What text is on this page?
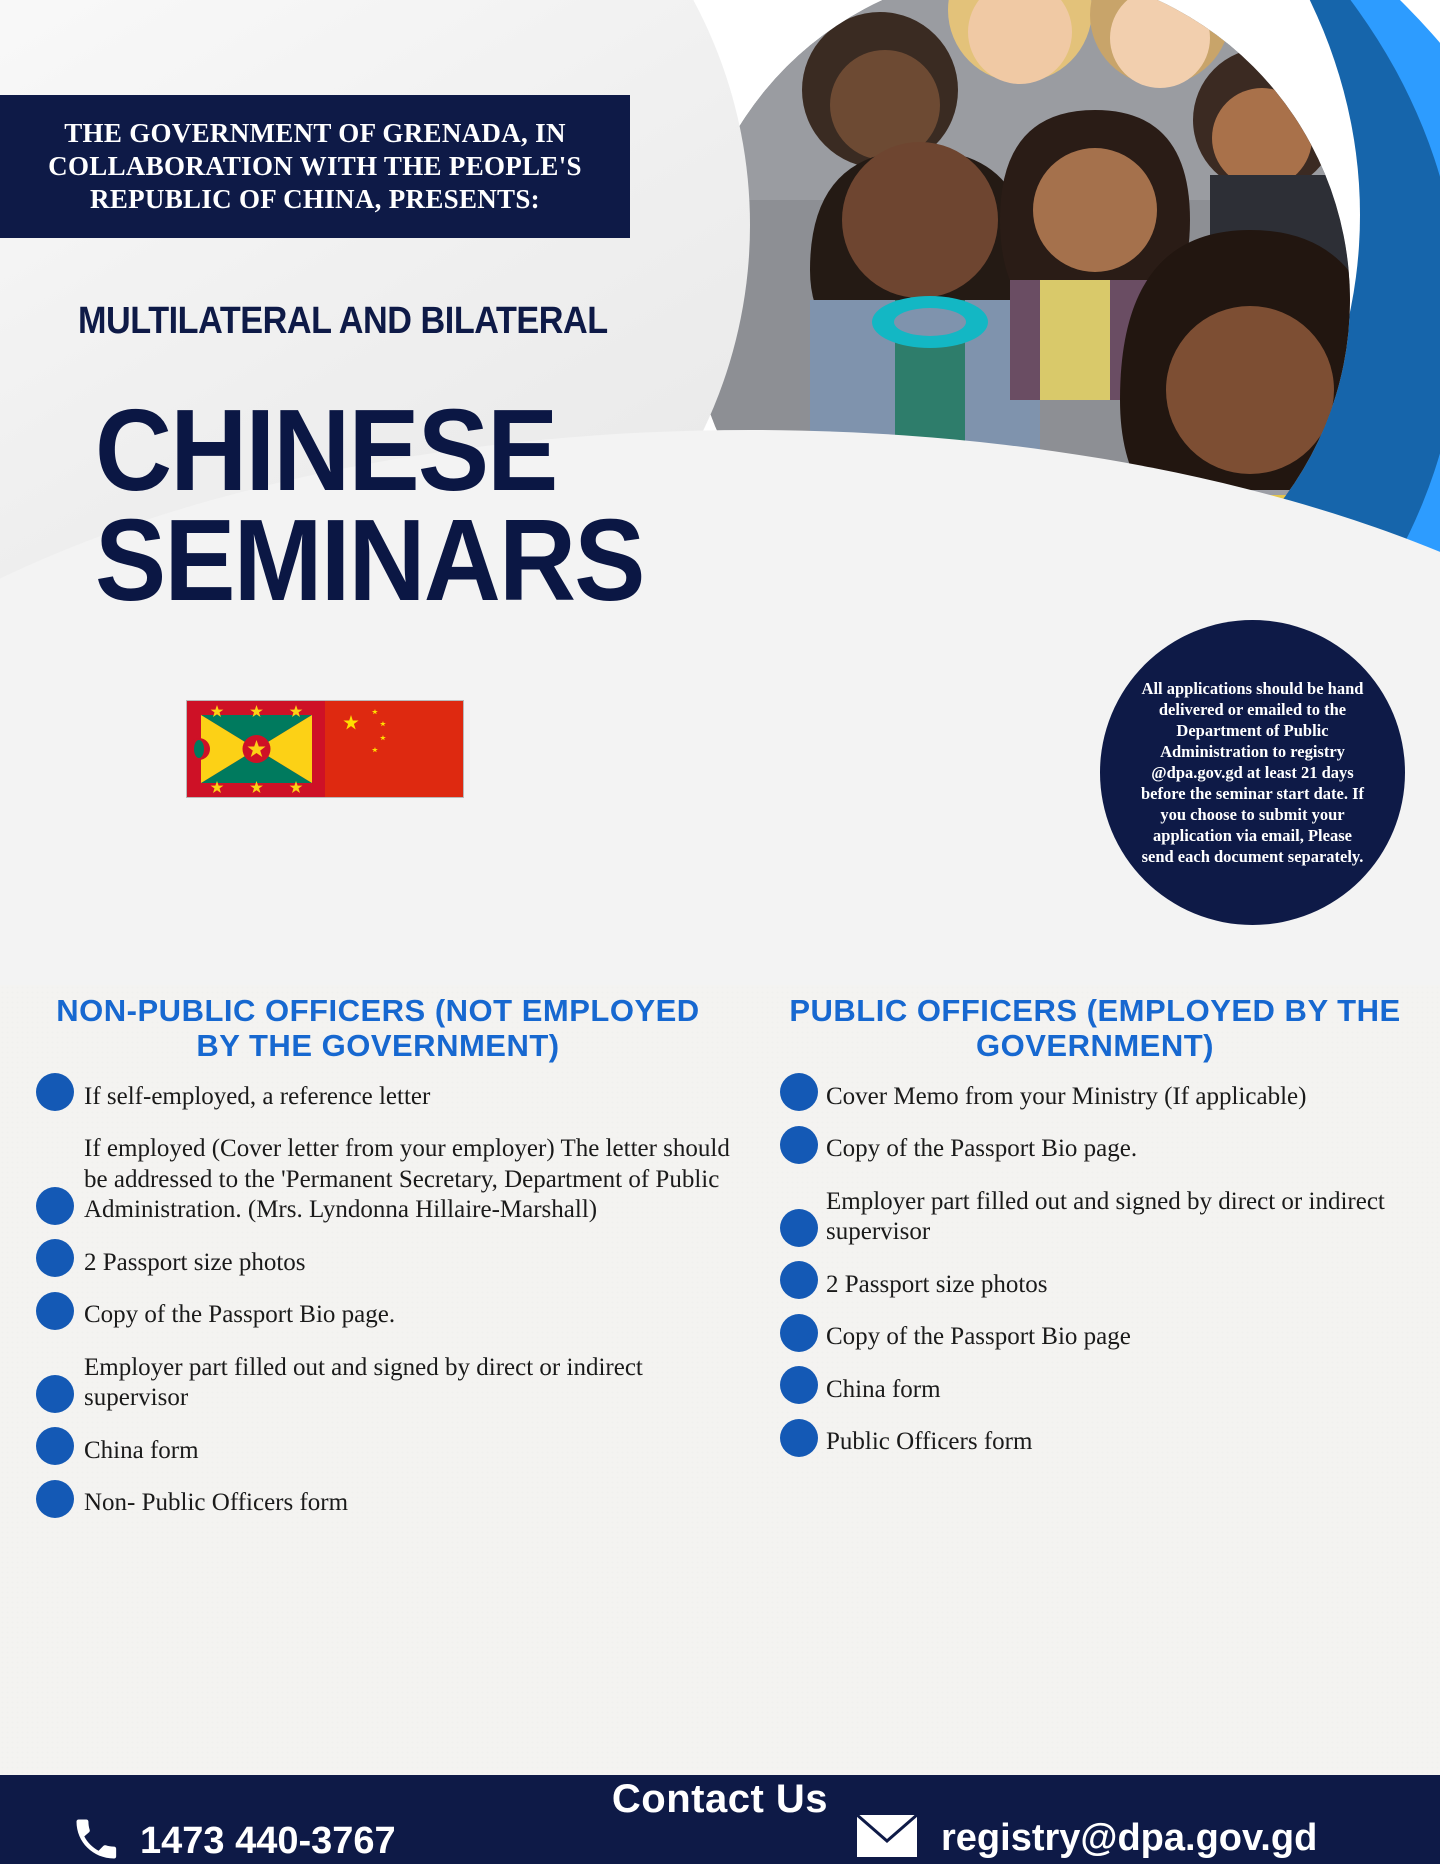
THE GOVERNMENT OF GRENADA, IN COLLABORATION WITH THE PEOPLE'S REPUBLIC OF CHINA, PRESENTS:
MULTILATERAL AND BILATERAL
CHINESE
SEMINARS
All applications should be hand delivered or emailed to the Department of Public Administration to registry @dpa.gov.gd at least 21 days before the seminar start date. If you choose to submit your application via email, Please send each document separately.
NON-PUBLIC OFFICERS (NOT EMPLOYED BY THE GOVERNMENT)
If self-employed, a reference letter
If employed (Cover letter from your employer) The letter should be addressed to the 'Permanent Secretary, Department of Public Administration. (Mrs. Lyndonna Hillaire-Marshall)
2 Passport size photos
Copy of the Passport Bio page.
Employer part filled out and signed by direct or indirect supervisor
China form
Non- Public Officers form
PUBLIC OFFICERS (EMPLOYED BY THE GOVERNMENT)
Cover Memo from your Ministry (If applicable)
Copy of the Passport Bio page.
Employer part filled out and signed by direct or indirect supervisor
2 Passport size photos
Copy of the Passport Bio page
China form
Public Officers form
Contact Us
1473 440-3767	registry@dpa.gov.gd
